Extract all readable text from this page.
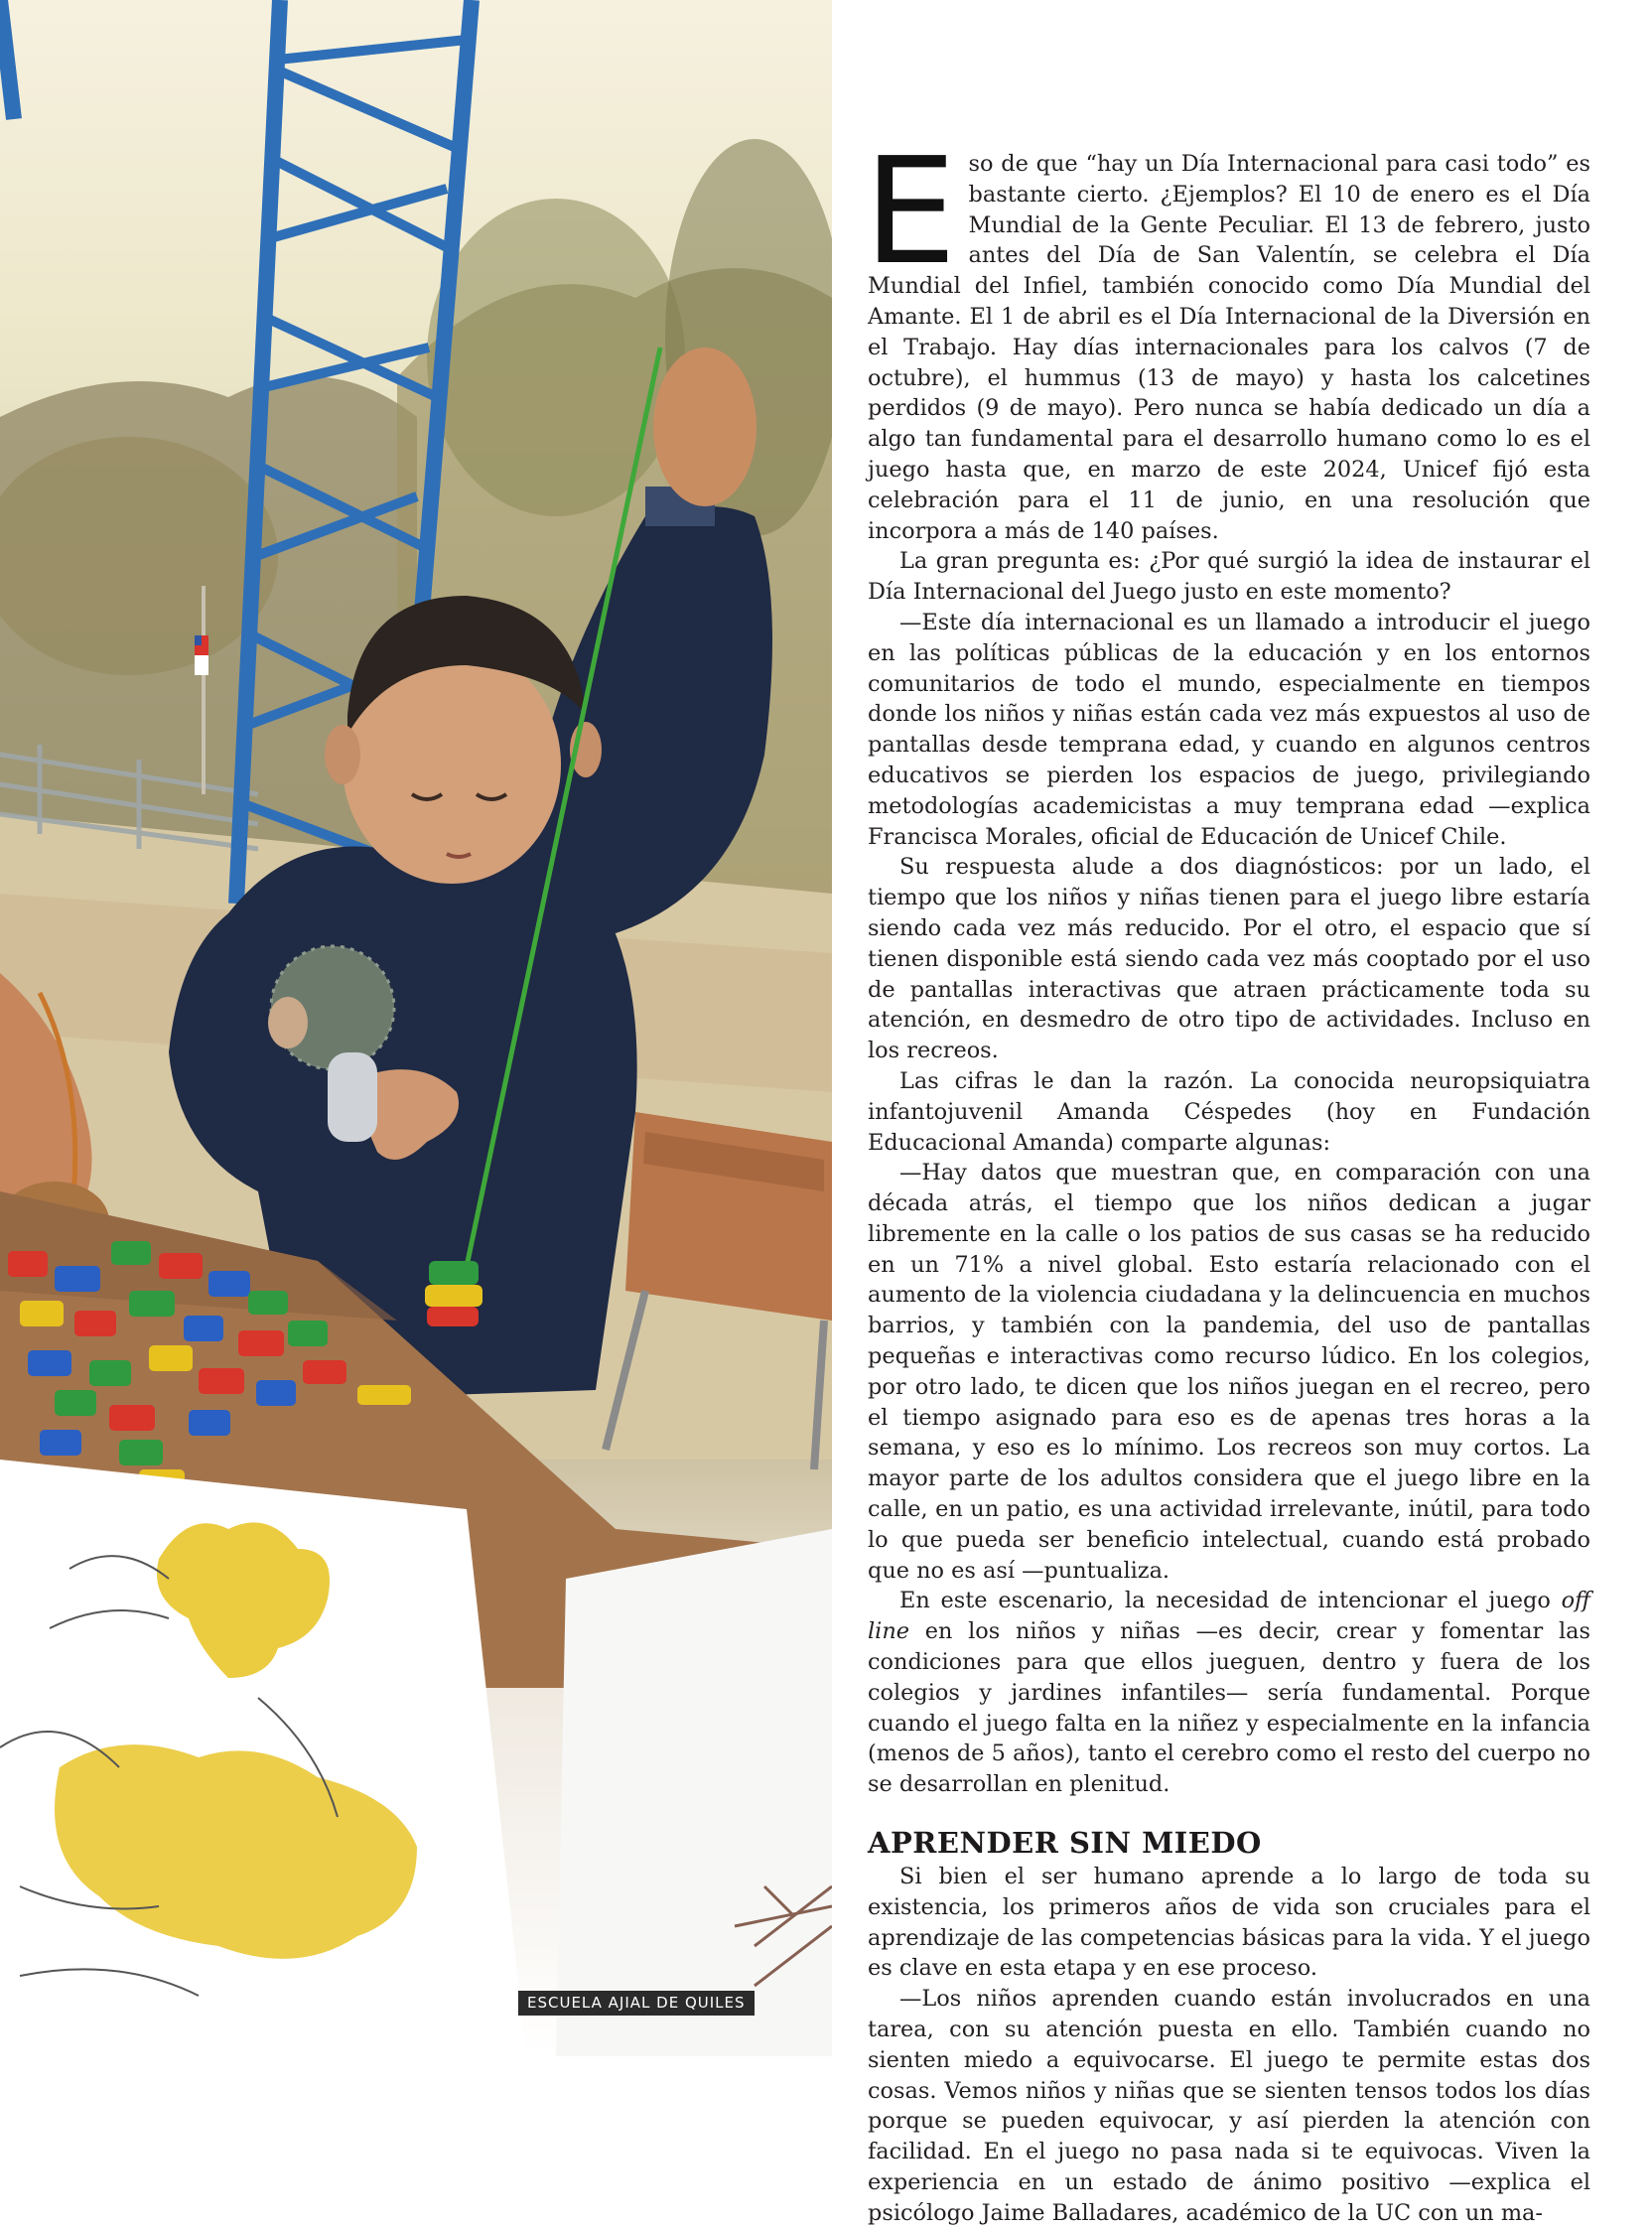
ESCUELA AJIAL DE QUILES

Eso de que “hay un Día Internacional para casi todo” es bastante cierto. ¿Ejemplos? El 10 de enero es el Día Mundial de la Gente Peculiar. El 13 de febrero, justo antes del Día de San Valentín, se celebra el Día Mundial del Infiel, también conocido como Día Mundial del Amante. El 1 de abril es el Día Internacional de la Diversión en el Trabajo. Hay días internacionales para los calvos (7 de octubre), el hummus (13 de mayo) y hasta los calcetines perdidos (9 de mayo). Pero nunca se había dedicado un día a algo tan fundamental para el desarrollo humano como lo es el juego hasta que, en marzo de este 2024, Unicef fijó esta celebración para el 11 de junio, en una resolución que incorpora a más de 140 países.

La gran pregunta es: ¿Por qué surgió la idea de instaurar el Día Internacional del Juego justo en este momento?

—Este día internacional es un llamado a introducir el juego en las políticas públicas de la educación y en los entornos comunitarios de todo el mundo, especialmente en tiempos donde los niños y niñas están cada vez más expuestos al uso de pantallas desde temprana edad, y cuando en algunos centros educativos se pierden los espacios de juego, privilegiando metodologías academicistas a muy temprana edad —explica Francisca Morales, oficial de Educación de Unicef Chile.

Su respuesta alude a dos diagnósticos: por un lado, el tiempo que los niños y niñas tienen para el juego libre estaría siendo cada vez más reducido. Por el otro, el espacio que sí tienen disponible está siendo cada vez más cooptado por el uso de pantallas interactivas que atraen prácticamente toda su atención, en desmedro de otro tipo de actividades. Incluso en los recreos.

Las cifras le dan la razón. La conocida neuropsiquiatra infantojuvenil Amanda Céspedes (hoy en Fundación Educacional Amanda) comparte algunas:

—Hay datos que muestran que, en comparación con una década atrás, el tiempo que los niños dedican a jugar libremente en la calle o los patios de sus casas se ha reducido en un 71% a nivel global. Esto estaría relacionado con el aumento de la violencia ciudadana y la delincuencia en muchos barrios, y también con la pandemia, del uso de pantallas pequeñas e interactivas como recurso lúdico. En los colegios, por otro lado, te dicen que los niños juegan en el recreo, pero el tiempo asignado para eso es de apenas tres horas a la semana, y eso es lo mínimo. Los recreos son muy cortos. La mayor parte de los adultos considera que el juego libre en la calle, en un patio, es una actividad irrelevante, inútil, para todo lo que pueda ser beneficio intelectual, cuando está probado que no es así —puntualiza.

En este escenario, la necesidad de intencionar el juego off line en los niños y niñas —es decir, crear y fomentar las condiciones para que ellos jueguen, dentro y fuera de los colegios y jardines infantiles— sería fundamental. Porque cuando el juego falta en la niñez y especialmente en la infancia (menos de 5 años), tanto el cerebro como el resto del cuerpo no se desarrollan en plenitud.

APRENDER SIN MIEDO

Si bien el ser humano aprende a lo largo de toda su existencia, los primeros años de vida son cruciales para el aprendizaje de las competencias básicas para la vida. Y el juego es clave en esta etapa y en ese proceso.

—Los niños aprenden cuando están involucrados en una tarea, con su atención puesta en ello. También cuando no sienten miedo a equivocarse. El juego te permite estas dos cosas. Vemos niños y niñas que se sienten tensos todos los días porque se pueden equivocar, y así pierden la atención con facilidad. En el juego no pasa nada si te equivocas. Viven la experiencia en un estado de ánimo positivo —explica el psicólogo Jaime Balladares, académico de la UC con un ma-
